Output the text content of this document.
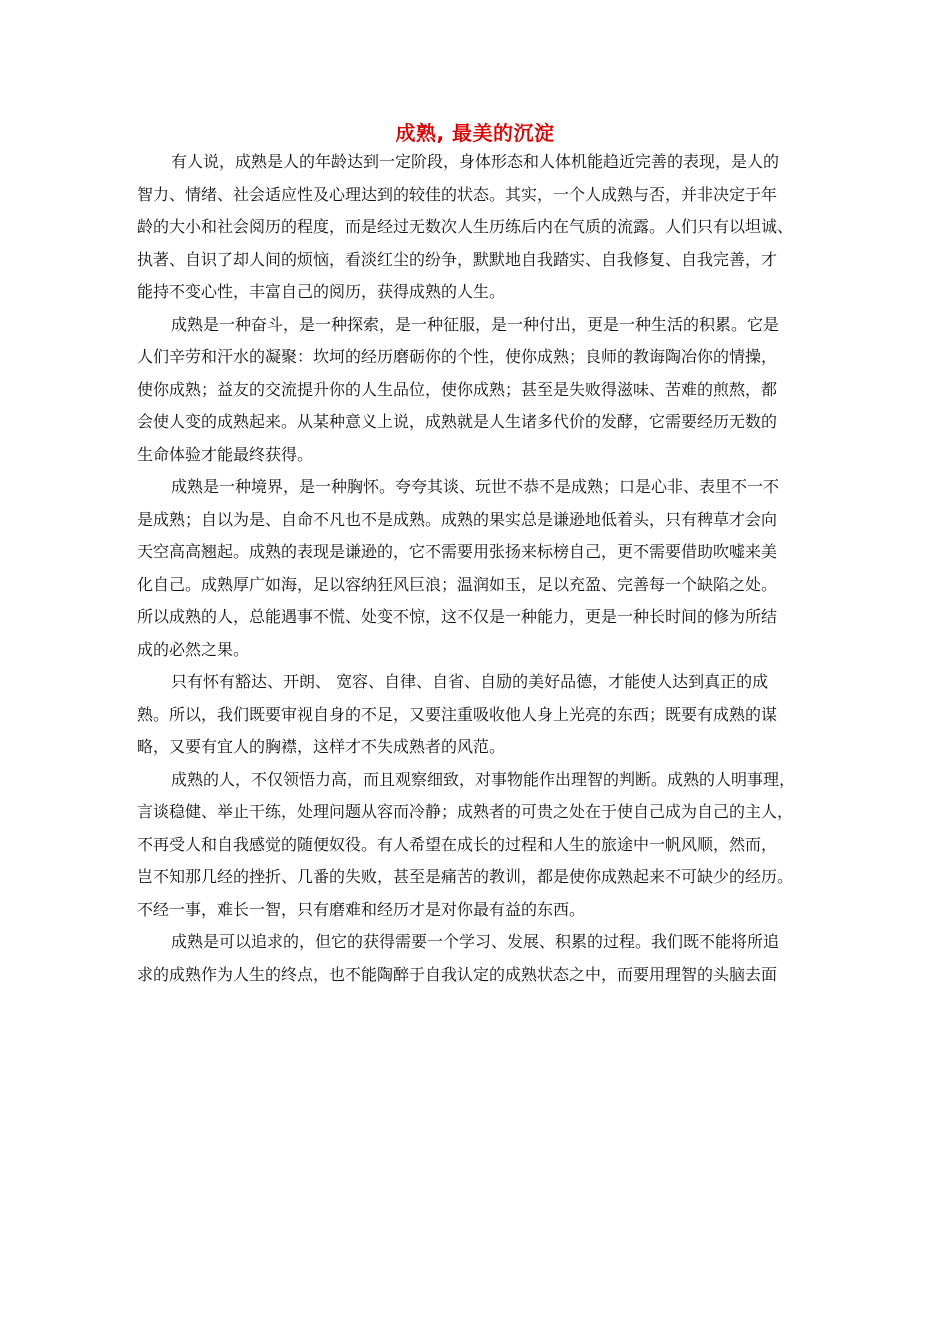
成熟, 最美的沉淀

有人说，成熟是人的年龄达到一定阶段，身体形态和人体机能趋近完善的表现，是人的
智力、情绪、社会适应性及心理达到的较佳的状态。其实，一个人成熟与否，并非决定于年
龄的大小和社会阅历的程度，而是经过无数次人生历练后内在气质的流露。人们只有以坦诚、
执著、自识了却人间的烦恼，看淡红尘的纷争，默默地自我踏实、自我修复、自我完善，才
能持不变心性，丰富自己的阅历，获得成熟的人生。

成熟是一种奋斗，是一种探索，是一种征服，是一种付出，更是一种生活的积累。它是
人们辛劳和汗水的凝聚：坎坷的经历磨砺你的个性，使你成熟；良师的教诲陶冶你的情操，
使你成熟；益友的交流提升你的人生品位，使你成熟；甚至是失败得滋味、苦难的煎熬，都
会使人变的成熟起来。从某种意义上说，成熟就是人生诸多代价的发酵，它需要经历无数的
生命体验才能最终获得。

成熟是一种境界，是一种胸怀。夸夸其谈、玩世不恭不是成熟；口是心非、表里不一不
是成熟；自以为是、自命不凡也不是成熟。成熟的果实总是谦逊地低着头，只有稗草才会向
天空高高翘起。成熟的表现是谦逊的，它不需要用张扬来标榜自己，更不需要借助吹嘘来美
化自己。成熟厚广如海，足以容纳狂风巨浪；温润如玉，足以充盈、完善每一个缺陷之处。
所以成熟的人，总能遇事不慌、处变不惊，这不仅是一种能力，更是一种长时间的修为所结
成的必然之果。

只有怀有豁达、开朗、 宽容、自律、自省、自励的美好品德，才能使人达到真正的成
熟。所以，我们既要审视自身的不足，又要注重吸收他人身上光亮的东西；既要有成熟的谋
略，又要有宜人的胸襟，这样才不失成熟者的风范。

成熟的人，不仅领悟力高，而且观察细致，对事物能作出理智的判断。成熟的人明事理，
言谈稳健、举止干练，处理问题从容而冷静；成熟者的可贵之处在于使自己成为自己的主人，
不再受人和自我感觉的随便奴役。有人希望在成长的过程和人生的旅途中一帆风顺，然而，
岂不知那几经的挫折、几番的失败，甚至是痛苦的教训，都是使你成熟起来不可缺少的经历。
不经一事，难长一智，只有磨难和经历才是对你最有益的东西。

成熟是可以追求的，但它的获得需要一个学习、发展、积累的过程。我们既不能将所追
求的成熟作为人生的终点，也不能陶醉于自我认定的成熟状态之中，而要用理智的头脑去面
